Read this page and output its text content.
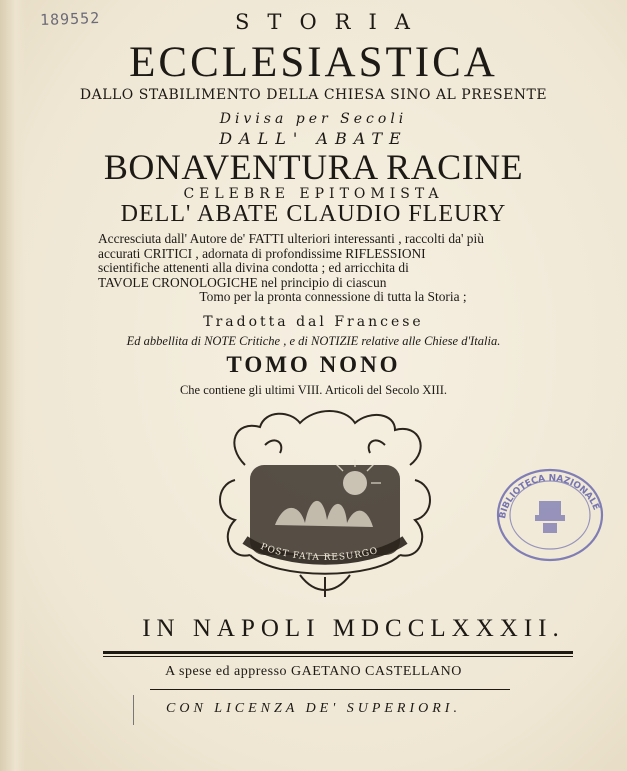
189552	STORIA
ECCLESIASTICA
DALLO STABILIMENTO DELLA CHIESA SINO AL PRESENTE
Divisa per Secoli
DALL' ABATE
BONAVENTURA RACINE
CELEBRE EPITOMISTA
DELL' ABATE CLAUDIO FLEURY
Accresciuta dall' Autore de' FATTI ulteriori interessanti , raccolti da' più
accurati CRITICI , adornata di profondissime RIFLESSIONI
scientifiche attenenti alla divina condotta ; ed arricchita di
TAVOLE CRONOLOGICHE nel principio di ciascun
Tomo per la pronta connessione di tutta la Storia ;
Tradotta dal Francese
Ed abbellita di NOTE Critiche , e di NOTIZIE relative alle Chiese d'Italia.
TOMO NONO
Che contiene gli ultimi VIII. Articoli del Secolo XIII.
POST FATA RESURGO
BIBLIOTECA NAZIONALE
IN NAPOLI MDCCLXXXII.
A spese ed appresso GAETANO CASTELLANO
CON LICENZA DE' SUPERIORI.
